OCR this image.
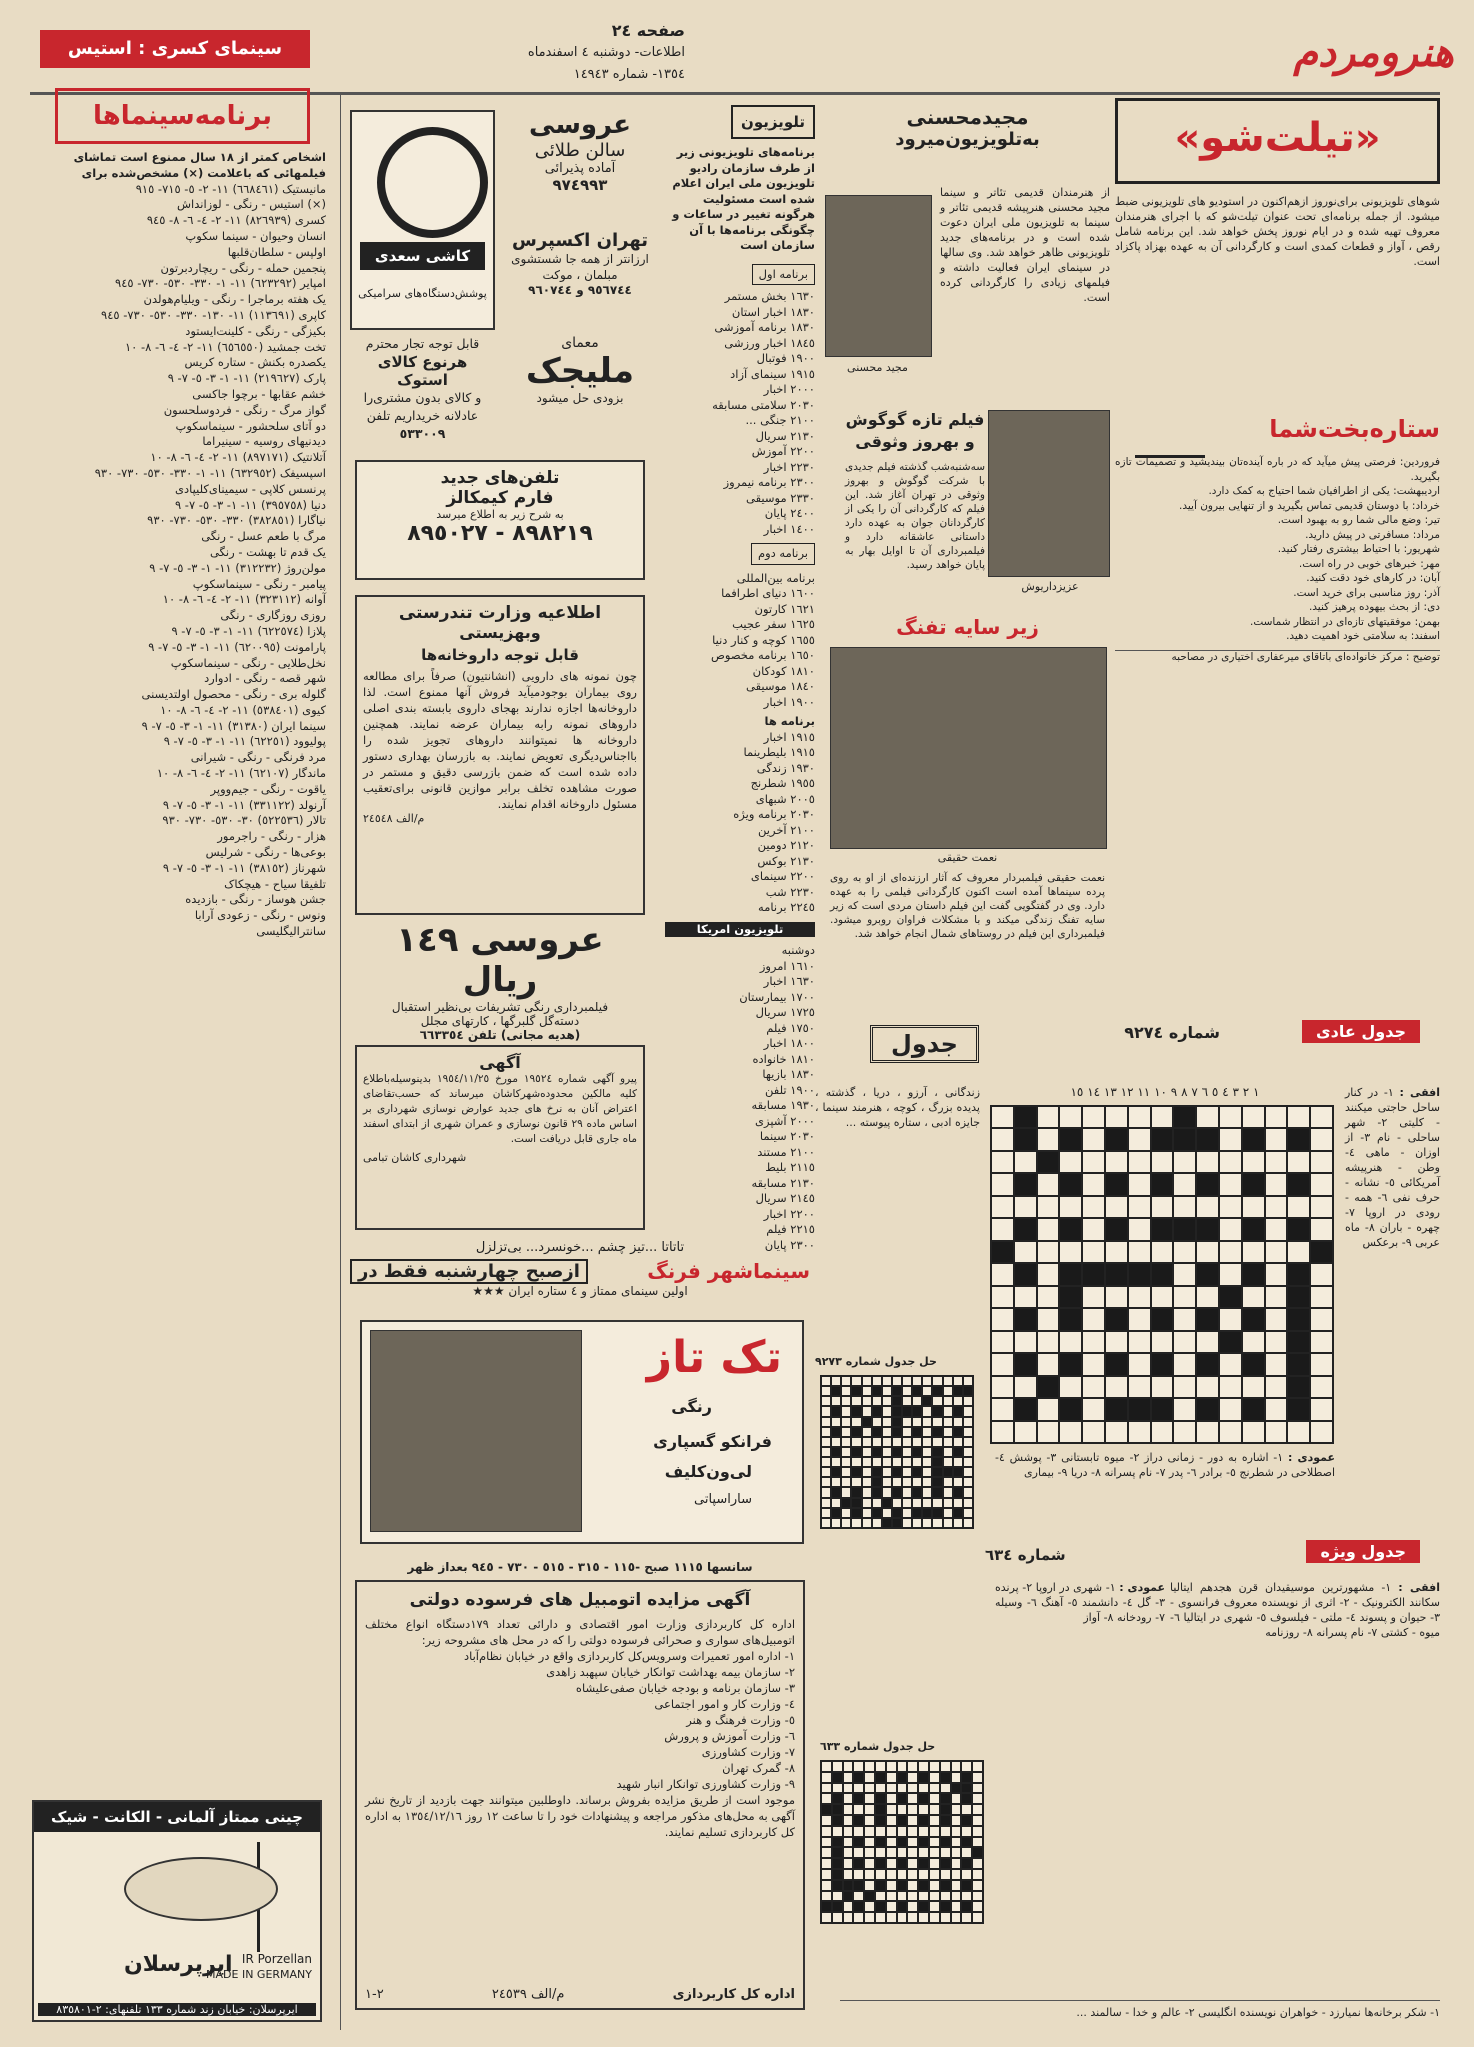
هنرومردم
صفحه ٢٤
اطلاعات- دوشنبه ٤ اسفندماه
١٣٥٤- شماره ١٤٩٤٣
سینمای کسری : استیس
برنامه‌سینماها

اشخاص کمتر از ١٨ سال ممنوع است تماشای فیلمهائی که باعلامت (×) مشخص‌شده برای

مانیستیک (٦٦٨٤٦١) ١١- ٢- ٥- ٧١٥- ٩١٥
(×) استیس - رنگی - لوزانداش
کسری (٨٢٦٩٣٩) ١١- ٢- ٤- ٦- ٨- ٩٤٥
انسان وحیوان - سینما سکوپ
اولپس - سلطان‌قلبها
پنجمین حمله - رنگی - ریچاردبرتون
امپایر (٦٢٣٢٩٢) ١١- ١- ٣٣٠- ٥٣٠- ٧٣٠- ٩٤٥
یک هفته برماجرا - رنگی - ویلیام‌هولدن
کاپری (١١٣٦٩١) ١١- ١٣٠- ٣٣٠- ٥٣٠- ٧٣٠- ٩٤٥
بکیزگی - رنگی - کلینت‌ایستود
تخت جمشید (٦٥٦٥٥٠) ١١- ٢- ٤- ٦- ٨- ١٠
یکصدره بکنش - ستاره کریس
پارک (٢١٩٦٢٧) ١١- ١- ٣- ٥- ٧- ٩
خشم عقابها - برچوا جاکسی
گواز مرگ - رنگی - فردوسلحسون
دو آتای سلحشور - سینماسکوپ
دیدنیهای روسیه - سینیراما
آتلانتیک (٨٩٧١٧١) ١١- ٢- ٤- ٦- ٨- ١٠
اسپسیفک (٦٣٢٩٥٢) ١١- ١- ٣٣٠- ٥٣٠- ٧٣٠- ٩٣٠
پرنسس کلاپی - سیمینای‌کلیپادی
دنیا (٣٩٥٧٥٨) ١١- ١- ٣- ٥- ٧- ٩
نیاگارا (٣٨٢٨٥١) ٣٣٠- ٥٣٠- ٧٣٠- ٩٣٠
مرگ با طعم عسل - رنگی
یک قدم تا بهشت - رنگی
مولن‌روژ (٣١٢٢٣٢) ١١- ١- ٣- ٥- ٧- ٩
پیامبر - رنگی - سینماسکوپ
آوانه (٣٢٣١١٢) ١١- ٢- ٤- ٦- ٨- ١٠
روزی روزگاری - رنگی
پلازا (٦٢٢٥٧٤) ١١- ١- ٣- ٥- ٧- ٩
پارامونت (٦٢٠٠٩٥) ١١- ١- ٣- ٥- ٧- ٩
نخل‌طلایی - رنگی - سینماسکوپ
شهر قصه - رنگی - ادوارد
گلوله بری - رنگی - محصول اولتدیسنی
کیوی (٥٣٨٤٠١) ١١- ٢- ٤- ٦- ٨- ١٠
سینما ایران (٣١٣٨٠) ١١- ١- ٣- ٥- ٧- ٩
پولیوود (٦٢٢٥١) ١١- ١- ٣- ٥- ٧- ٩
مرد فرنگی - رنگی - شیرانی
ماندگار (٦٢١٠٧) ١١- ٢- ٤- ٦- ٨- ١٠
یاقوت - رنگی - جیم‌ووپر
آرنولد (٣٣١١٢٢) ١١- ١- ٣- ٥- ٧- ٩
تالار (٥٢٢٥٣٦) ٣٠- ٥٣٠- ٧٣٠- ٩٣٠
هزار - رنگی - راجرمور
بوعی‌ها - رنگی - شرلیس
شهرناز (٣٨١٥٢) ١١- ١- ٣- ٥- ٧- ٩
تلفیقا سیاح - هیچکاک
جشن هوساز - رنگی - بازدیده
ونوس - رنگی - زعودی آرابا
سانترالیگلیسی
چینی ممتاز آلمانی - الکانت - شیک
IR Porzellan
MADE IN GERMANY
ایرپرسلان
ایرپرسلان: خیابان زند شماره ١٣٣ تلفنهای: ٢-٨٣٥٨٠١
کاشی سعدی
پوشش‌دستگاه‌های سرامیکی
عروسی
سالن طلائی
آماده پذیرائی
٩٧٤٩٩٣
تهران اکسپرس
ارزانتر از همه جا شستشوی مبلمان ، موکت
٩٥٦٧٤٤ و ٩٦٠٧٤٤
قابل توجه تجار محترم
هرنوع کالای استوک
و کالای بدون مشتری‌را
عادلانه خریداریم تلفن
٥٣٣٠٠٩
معمای
ملیجک
بزودی حل میشود
تلفن‌های جدید
فارم کیمکالز
به شرح زیر به اطلاع میرسد
٨٩٨٢١٩ - ٨٩٥٠٢٧
اطلاعیه وزارت تندرستی
وبهزیستی
قابل توجه داروخانه‌ها
چون نمونه های دارویی (انشانتیون) صرفاً برای مطالعه روی بیماران بوجودمیآید فروش آنها ممنوع است. لذا داروخانه‌ها اجازه ندارند بهجای داروی بابسته بندی اصلی داروهای نمونه رابه بیماران عرضه نمایند. همچنین داروخانه ها نمیتوانند داروهای تجویز شده را بااجناس‌دیگری تعویض نمایند. به بازرسان بهداری دستور داده شده است که ضمن بازرسی دقیق و مستمر در صورت مشاهده تخلف برابر موازین قانونی برای‌تعقیب مسئول داروخانه اقدام نمایند.
م/الف ٢٤٥٤٨
عروسی ١٤٩ ریال
فیلمبرداری رنگی تشریفات بی‌نظیر استقبال
دسته‌گل گلبرگها ، کارتهای مجلل
(هدیه مجانی) تلفن ٦٦٣٣٥٤
آگهی
پیرو آگهی شماره ١٩٥٢٤ مورخ ١٩٥٤/١١/٢٥ بدینوسیله‌باطلاع کلیه مالکین محدوده‌شهرکاشان میرساند که حسب‌تقاضای اعتراض آنان به نرخ های جدید عوارض نوسازی شهرداری بر اساس ماده ٢٩ قانون نوسازی و عمران شهری از ابتدای اسفند ماه جاری قابل دریافت است.
شهرداری کاشان تبامی
تلویزیون
برنامه‌های تلویزیونی زیر از طرف سازمان رادیو تلویزیون ملی ایران اعلام شده است مسئولیت هرگونه تغییر در ساعات و چگونگی برنامه‌ها با آن سازمان است
برنامه اول
١٦٣٠ بخش مستمر
١٨٣٠ اخبار استان
١٨٣٠ برنامه آموزشی
١٨٤٥ اخبار ورزشی
١٩٠٠ فوتبال
١٩١٥ سینمای آزاد
٢٠٠٠ اخبار
٢٠٣٠ سلامتی مسابقه
٢١٠٠ جنگی ...
٢١٣٠ سریال
٢٢٠٠ آموزش
٢٢٣٠ اخبار
٢٣٠٠ برنامه نیمروز
٢٣٣٠ موسیقی
٢٤٠٠ پایان
١٤٠٠ اخبار
برنامه دوم
برنامه بین‌المللی
١٦٠٠ دنیای اطرافما
١٦٢١ کارتون
١٦٢٥ سفر عجیب
١٦٥٥ کوچه و کنار دنیا
١٦٥٠ برنامه مخصوص
١٨١٠ کودکان
١٨٤٠ موسیقی
١٩٠٠ اخبار
برنامه ها
١٩١٥ اخبار
١٩١٥ بلیطرینما
١٩٣٠ زندگی
١٩٥٥ شطرنج
٢٠٠٥ شبهای
٢٠٣٠ برنامه ویژه
٢١٠٠ آخرین
٢١٢٠ دومین
٢١٣٠ بوکس
٢٢٠٠ سینمای
٢٢٣٠ شب
٢٢٤٥ برنامه
تلویزیون امریکا
دوشنبه
١٦١٠ امروز
١٦٣٠ اخبار
١٧٠٠ بیمارستان
١٧٢٥ سریال
١٧٥٠ فیلم
١٨٠٠ اخبار
١٨١٠ خانواده
١٨٣٠ بازیها
١٩٠٠ تلفن
١٩٣٠ مسابقه
٢٠٠٠ آشپزی
٢٠٣٠ سینما
٢١٠٠ مستند
٢١١٥ بلیط
٢١٣٠ مسابقه
٢١٤٥ سریال
٢٢٠٠ اخبار
٢٢١٥ فیلم
٢٣٠٠ پایان
مجیدمحسنی
به‌تلویزیون‌میرود
از هنرمندان قدیمی تئاتر و سینما مجید محسنی هنرپیشه قدیمی تئاتر و سینما به تلویزیون ملی ایران دعوت شده است و در برنامه‌های جدید تلویزیونی ظاهر خواهد شد. وی سالها در سینمای ایران فعالیت داشته و فیلمهای زیادی را کارگردانی کرده است.
مجید محسنی
عزیزداریوش
فیلم تازه گوگوش
و بهروز وثوقی
سه‌شنبه‌شب گذشته فیلم جدیدی با شرکت گوگوش و بهروز وثوقی در تهران آغاز شد. این فیلم که کارگردانی آن را یکی از کارگردانان جوان به عهده دارد داستانی عاشقانه دارد و فیلمبرداری آن تا اوایل بهار به پایان خواهد رسید.
زیر سایه تفنگ
نعمت حقیقی
نعمت حقیقی فیلمبردار معروف که آثار ارزنده‌ای از او به روی پرده سینماها آمده است اکنون کارگردانی فیلمی را به عهده دارد. وی در گفتگویی گفت این فیلم داستان مردی است که زیر سایه تفنگ زندگی میکند و با مشکلات فراوان روبرو میشود. فیلمبرداری این فیلم در روستاهای شمال انجام خواهد شد.
«تیلت‌شو»
شوهای تلویزیونی برای‌نوروز ازهم‌اکنون در استودیو های تلویزیونی ضبط میشود. از جمله برنامه‌ای تحت عنوان تیلت‌شو که با اجرای هنرمندان معروف تهیه شده و در ایام نوروز پخش خواهد شد. این برنامه شامل رقص ، آواز و قطعات کمدی است و کارگردانی آن به عهده بهزاد پاکزاد است.
ستاره‌بخت‌شما
فروردین: فرصتی پیش میآید که در باره آینده‌تان بیندیشید و تصمیمات تازه بگیرید.
اردیبهشت: یکی از اطرافیان شما احتیاج به کمک دارد.
خرداد: با دوستان قدیمی تماس بگیرید و از تنهایی بیرون آیید.
تیر: وضع مالی شما رو به بهبود است.
مرداد: مسافرتی در پیش دارید.
شهریور: با احتیاط بیشتری رفتار کنید.
مهر: خبرهای خوبی در راه است.
آبان: در کارهای خود دقت کنید.
آذر: روز مناسبی برای خرید است.
دی: از بحث بیهوده پرهیز کنید.
بهمن: موفقیتهای تازه‌ای در انتظار شماست.
اسفند: به سلامتی خود اهمیت دهید.
توضیح : مرکز خانواده‌ای باتاقای میرعفاری اختیاری در مصاحبه
تاتاتا ...تیز چشم ...خونسرد... بی‌تزلزل
سینماشهر فرنگ
ازصبح چهارشنبه فقط در
اولین سینمای ممتاز و ٤ ستاره ایران ★★★
تک تاز
رنگی
فرانکو گسپاری
لی‌ون‌کلیف
ساراسپاتی
سانسها ١١١٥ صبح -١١٥ - ٣١٥ - ٥١٥ - ٧٣٠ - ٩٤٥ بعداز ظهر
آگهی مزایده اتومبیل های فرسوده دولتی
اداره کل کاربردازی وزارت امور اقتصادی و دارائی تعداد ١٧٩دستگاه انواع مختلف اتومبیل‌های سواری و صحرائی فرسوده دولتی را که در محل های مشروحه زیر:
١- اداره امور تعمیرات وسرویس‌کل کاربردازی واقع در خیابان نظام‌آباد
٢- سازمان بیمه بهداشت توانکار خیابان سپهبد زاهدی
٣- سازمان برنامه و بودجه خیابان صفی‌علیشاه
٤- وزارت کار و امور اجتماعی
٥- وزارت فرهنگ و هنر
٦- وزارت آموزش و پرورش
٧- وزارت کشاورزی
٨- گمرک تهران
٩- وزارت کشاورزی توانکار انبار شهید
موجود است از طریق مزایده بفروش برساند. داوطلبین میتوانند جهت بازدید از تاریخ نشر آگهی به محل‌های مذکور مراجعه و پیشنهادات خود را تا ساعت ١٢ روز ١٣٥٤/١٢/١٦ به اداره کل کاربردازی تسلیم نمایند.
اداره کل کاربردازی
م/الف ٢٤٥٣٩
٢-١
جدول عادی
شماره ٩٢٧٤
جدول
١ ٢ ٣ ٤ ٥ ٦ ٧ ٨ ٩ ١٠ ١١ ١٢ ١٣ ١٤ ١٥	افقی : ١- در کنار ساحل حاجتی میکنند - کلیتی ٢- شهر ساحلی - نام ٣- از اوزان - ماهی ٤- وطن - هنرپیشه آمریکائی ٥- نشانه - حرف نفی ٦- همه - رودی در اروپا ٧- چهره - باران ٨- ماه عربی ٩- برعکس
زندگانی ، آرزو ، دریا ، گذشته ، پدیده بزرگ ، کوچه ، هنرمند سینما ، جایزه ادبی ، ستاره پیوسته ...
عمودی : ١- اشاره به دور - زمانی دراز ٢- میوه تابستانی ٣- پوشش ٤- اصطلاحی در شطرنج ٥- برادر ٦- پدر ٧- نام پسرانه ٨- دریا ٩- بیماری
حل جدول شماره ٩٢٧٣
جدول ویژه
شماره ٦٣٤
افقی : ١- مشهورترین موسیقیدان قرن هجدهم ایتالیا سکانند الکترونیک - ٢- اثری از نویسنده معروف فرانسوی - ٣- حیوان و پسوند ٤- ملتی - فیلسوف ٥- شهری در ایتالیا ٦- میوه - کشتی ٧- نام پسرانه ٨- روزنامه
عمودی : ١- شهری در اروپا ٢- پرنده ٣- گل ٤- دانشمند ٥- آهنگ ٦- وسیله ٧- رودخانه ٨- آواز
حل جدول شماره ٦٣٣
١- شکر برخانه‌ها نمیارزد - خواهران نویسنده انگلیسی ٢- عالم و خدا - سالمند ...
